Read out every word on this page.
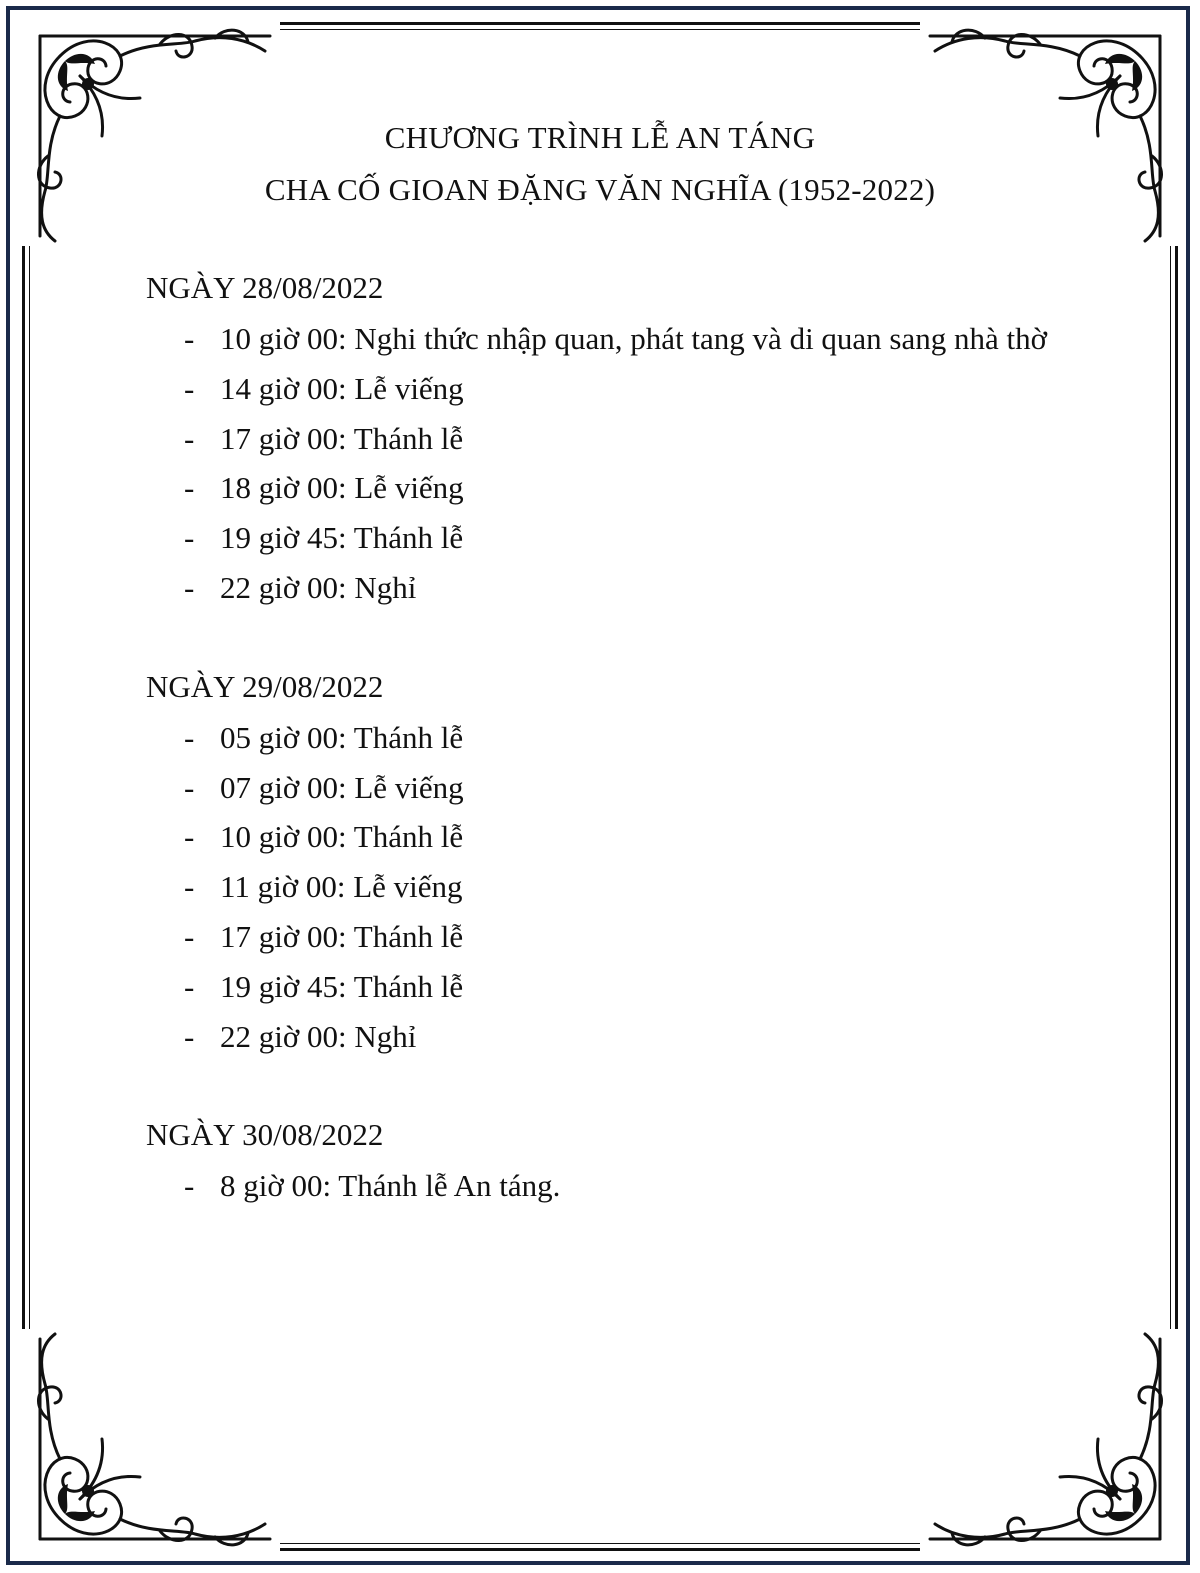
CHƯƠNG TRÌNH LỄ AN TÁNG
CHA CỐ GIOAN ĐẶNG VĂN NGHĨA (1952-2022)

NGÀY 28/08/2022

- 10 giờ 00: Nghi thức nhập quan, phát tang và di quan sang nhà thờ
- 14 giờ 00: Lễ viếng
- 17 giờ 00: Thánh lễ
- 18 giờ 00: Lễ viếng
- 19 giờ 45: Thánh lễ
- 22 giờ 00: Nghỉ

NGÀY 29/08/2022

- 05 giờ 00: Thánh lễ
- 07 giờ 00: Lễ viếng
- 10 giờ 00: Thánh lễ
- 11 giờ 00: Lễ viếng
- 17 giờ 00: Thánh lễ
- 19 giờ 45: Thánh lễ
- 22 giờ 00: Nghỉ

NGÀY 30/08/2022

- 8 giờ 00: Thánh lễ An táng.
